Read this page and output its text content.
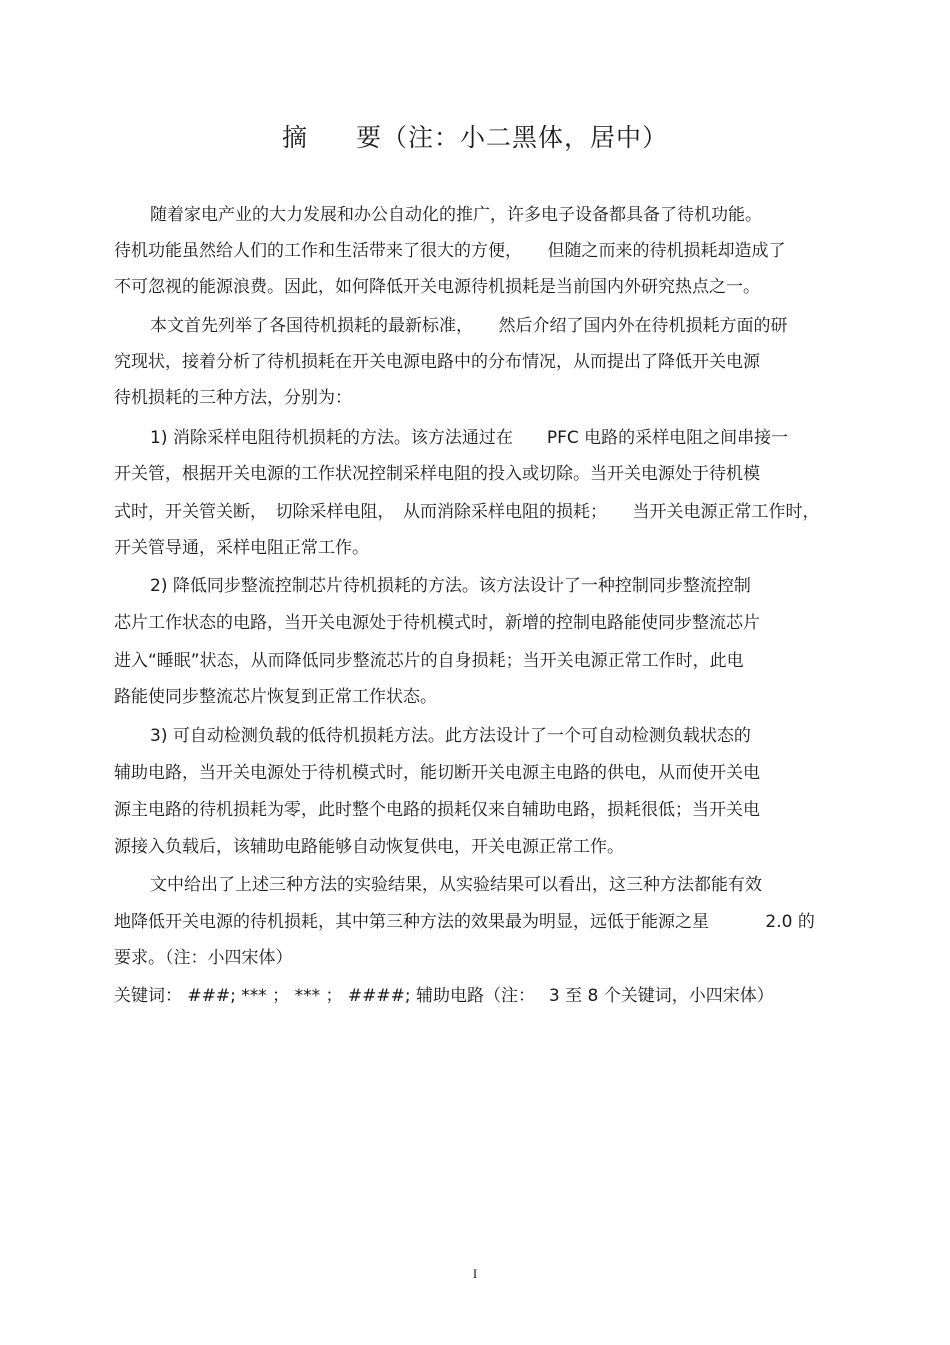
摘 要（注：小二黑体，居中）
随着家电产业的大力发展和办公自动化的推广，许多电子设备都具备了待机功能。
待机功能虽然给人们的工作和生活带来了很大的方便，　　但随之而来的待机损耗却造成了
不可忽视的能源浪费。因此，如何降低开关电源待机损耗是当前国内外研究热点之一。
本文首先列举了各国待机损耗的最新标准，　　然后介绍了国内外在待机损耗方面的研
究现状，接着分析了待机损耗在开关电源电路中的分布情况，从而提出了降低开关电源
待机损耗的三种方法，分别为：
1) 消除采样电阻待机损耗的方法。该方法通过在　　PFC 电路的采样电阻之间串接一
开关管，根据开关电源的工作状况控制采样电阻的投入或切除。当开关电源处于待机模
式时，开关管关断，　切除采样电阻，　从而消除采样电阻的损耗；　　当开关电源正常工作时，
开关管导通，采样电阻正常工作。
2) 降低同步整流控制芯片待机损耗的方法。该方法设计了一种控制同步整流控制
芯片工作状态的电路，当开关电源处于待机模式时，新增的控制电路能使同步整流芯片
进入“睡眠”状态，从而降低同步整流芯片的自身损耗；当开关电源正常工作时，此电
路能使同步整流芯片恢复到正常工作状态。
3) 可自动检测负载的低待机损耗方法。此方法设计了一个可自动检测负载状态的
辅助电路，当开关电源处于待机模式时，能切断开关电源主电路的供电，从而使开关电
源主电路的待机损耗为零，此时整个电路的损耗仅来自辅助电路，损耗很低；当开关电
源接入负载后，该辅助电路能够自动恢复供电，开关电源正常工作。
文中给出了上述三种方法的实验结果，从实验结果可以看出，这三种方法都能有效
地降低开关电源的待机损耗，其中第三种方法的效果最为明显，远低于能源之星　　　 2.0 的
要求。（注：小四宋体）
关键词： ###; *** ； *** ； ####; 辅助电路（注：　 3 至 8 个关键词，小四宋体）
I
